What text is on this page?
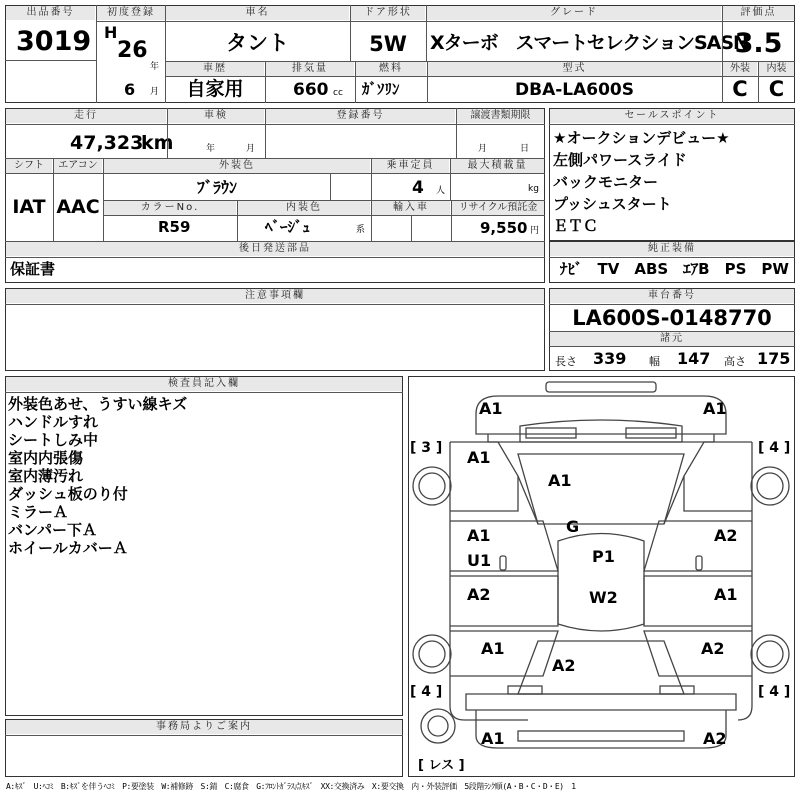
出品番号
3019
初度登録
H
26
年
6 月
車名
タント
ドア形状
5W
グレード
Xターボ　スマートセレクションSASN
評価点
3.5
車歴
自家用
排気量
660 cc
燃料
ｶﾞｿﾘﾝ
型式
DBA-LA600S
外装	内装
C	C
走行
47,323
km
車検
年	月
登録番号	譲渡書類期限
月	日
シフト
IAT
エアコン
AAC
外装色
ﾌﾞﾗｳﾝ
乗車定員
4 人
最大積載量
kg
カラーNo.
R59
内装色
ﾍﾞｰｼﾞｭ	系
輸入車	リサイクル預託金
9,550 円
後日発送部品
保証書
セールスポイント
★オークションデビュー★
左側パワースライド
バックモニター
プッシュスタート
ＥＴＣ
純正装備
ﾅﾋﾞ　TV　ABS　ｴｱB　PS　PW
注意事項欄	車台番号
LA600S-0148770
諸元
長さ 339 幅 147 高さ 175
検査員記入欄
外装色あせ、うすい線キズ
ハンドルすれ
シートしみ中
室内内張傷
室内薄汚れ
ダッシュ板のり付
ミラーＡ
バンパー下Ａ
ホイールカバーＡ
事務局よりご案内
[ 3 ]	[ 4 ]
[ 4 ]	[ 4 ]
[ レス ]
A1	A1
A1
A1
G
A1
U1
A2
P1
W2
A2	A1
A1	A2
A2
A1	A2
A:ｷｽﾞ　U:ﾍｺﾐ　B:ｷｽﾞを伴うﾍｺﾐ　P:要塗装　W:補修跡　S:錆　C:腐食　G:ﾌﾛﾝﾄｶﾞﾗｽ点ｷｽﾞ　XX:交換済み　X:要交換　内・外装評価　5段階ﾗﾝｸ順(A・B・C・D・E)　1
